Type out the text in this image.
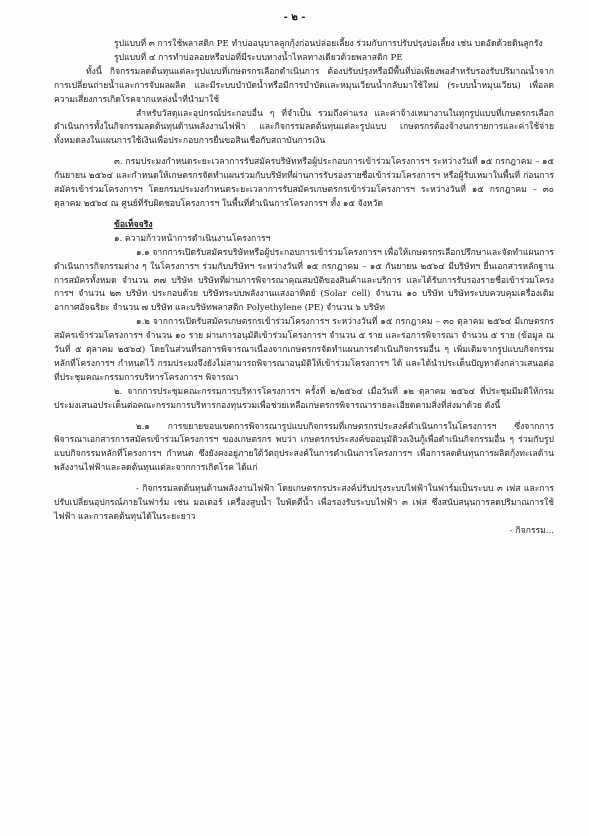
- ๒ -

รูปแบบที่ ๓ การใช้พลาสติก PE ทำบ่ออนุบาลลูกกุ้งก่อนปล่อยเลี้ยง ร่วมกับการปรับปรุงบ่อเลี้ยง เช่น บดอัดด้วยดินลูกรัง

รูปแบบที่ ๔ การทำบ่อลอยหรือบ่อที่มีระบบทางน้ำไหลทางเดียวด้วยพลาสติก PE

ทั้งนี้ กิจกรรมลดต้นทุนแต่ละรูปแบบที่เกษตรกรเลือกดำเนินการ ต้องปรับปรุงหรือมีพื้นที่บ่อเพียงพอสำหรับรองรับปริมาณน้ำจากการเปลี่ยนถ่ายน้ำและการจับผลผลิต และมีระบบบำบัดน้ำหรือมีการบำบัดและหมุนเวียนน้ำกลับมาใช้ใหม่ (ระบบน้ำหมุนเวียน) เพื่อลดความเสี่ยงการเกิดโรคจากแหล่งน้ำที่นำมาใช้

สำหรับวัสดุและอุปกรณ์ประกอบอื่น ๆ ที่จำเป็น รวมถึงค่าแรง และค่าจ้างเหมางานในทุกรูปแบบที่เกษตรกรเลือกดำเนินการทั้งในกิจกรรมลดต้นทุนด้านพลังงานไฟฟ้า และกิจกรรมลดต้นทุนแต่ละรูปแบบ เกษตรกรต้องจ้างนกรายการและค่าใช้จ่ายทั้งหมดลงในแผนการใช้เงินเพื่อประกอบการยื่นขอสินเชื่อกับสถาบันการเงิน

๓. กรมประมงกำหนดระยะเวลาการรับสมัครบริษัทหรือผู้ประกอบการเข้าร่วมโครงการฯ ระหว่างวันที่ ๑๕ กรกฎาคม – ๑๕ กันยายน ๒๕๖๔ และกำหนดให้เกษตรกรจัดทำแผนร่วมกับบริษัทที่ผ่านการรับรองรายชื่อเข้าร่วมโครงการฯ หรือผู้รับเหมาในพื้นที่ ก่อนการสมัครเข้าร่วมโครงการฯ โดยกรมประมงกำหนดระยะเวลาการรับสมัครเกษตรกรเข้าร่วมโครงการฯ ระหว่างวันที่ ๑๕ กรกฎาคม – ๓๐ ตุลาคม ๒๕๖๔ ณ ศูนย์ที่รับผิดชอบโครงการฯ ในพื้นที่ดำเนินการโครงการฯ ทั้ง ๑๕ จังหวัด

ข้อเท็จจริง

๑. ความก้าวหน้าการดำเนินงานโครงการฯ

๑.๑ จากการเปิดรับสมัครบริษัทหรือผู้ประกอบการเข้าร่วมโครงการฯ เพื่อให้เกษตรกรเลือกปรึกษาและจัดทำแผนการดำเนินการกิจกรรมต่าง ๆ ในโครงการฯ ร่วมกับบริษัทฯ ระหว่างวันที่ ๑๕ กรกฎาคม – ๑๕ กันยายน ๒๕๖๔ มีบริษัทฯ ยื่นเอกสารหลักฐานการสมัครทั้งหมด จำนวน ๓๗ บริษัท บริษัทที่ผ่านการพิจารณาคุณสมบัติของสินค้าและบริการ และได้รับการรับรองรายชื่อเข้าร่วมโครงการฯ จำนวน ๒๓ บริษัท ประกอบด้วย บริษัทระบบพลังงานแสงอาทิตย์ (Solar cell) จำนวน ๑๐ บริษัท บริษัทระบบควบคุมเครื่องเติมอากาศอัจฉริยะ จำนวน ๗ บริษัท และบริษัทพลาสติก Polyethylene (PE) จำนวน ๖ บริษัท

๑.๒ จากการเปิดรับสมัครเกษตรกรเข้าร่วมโครงการฯ ระหว่างวันที่ ๑๕ กรกฎาคม – ๓๐ ตุลาคม ๒๕๖๔ มีเกษตรกรสมัครเข้าร่วมโครงการฯ จำนวน ๑๐ ราย ผ่านการอนุมัติเข้าร่วมโครงการฯ จำนวน ๕ ราย และรอการพิจารณา จำนวน ๕ ราย (ข้อมูล ณ วันที่ ๕ ตุลาคม ๒๕๖๔) โดยในส่วนที่รอการพิจารณาเนื่องจากเกษตรกรจัดทำแผนการดำเนินกิจกรรมอื่น ๆ เพิ่มเติมจากรูปแบบกิจกรรมหลักที่โครงการฯ กำหนดไว้ กรมประมงจึงยังไม่สามารถพิจารณาอนุมัติให้เข้าร่วมโครงการฯ ได้ และได้นำประเด็นปัญหาดังกล่าวเสนอต่อที่ประชุมคณะกรรมการบริหารโครงการฯ พิจารณา

๒. จากการประชุมคณะกรรมการบริหารโครงการฯ ครั้งที่ ๒/๒๕๖๔ เมื่อวันที่ ๑๒ ตุลาคม ๒๕๖๔ ที่ประชุมมีมติให้กรมประมงเสนอประเด็นต่อคณะกรรมการบริหารกองทุนรวมเพื่อช่วยเหลือเกษตรกรพิจารณารายละเอียดตามสิ่งที่ส่งมาด้วย ดังนี้

๒.๑ การขยายขอบเขตการพิจารณารูปแบบกิจกรรมที่เกษตรกรประสงค์ดำเนินการในโครงการฯ ซึ่งจากการพิจารณาเอกสารการสมัครเข้าร่วมโครงการฯ ของเกษตรกร พบว่า เกษตรกรประสงค์ขออนุมัติวงเงินกู้เพื่อดำเนินกิจกรรมอื่น ๆ ร่วมกับรูปแบบกิจกรรมหลักที่โครงการฯ กำหนด ซึ่งยังคงอยู่ภายใต้วัตถุประสงค์ในการดำเนินการโครงการฯ เพื่อการลดต้นทุนการผลิตกุ้งทะเลด้านพลังงานไฟฟ้าและลดต้นทุนแต่ละจากการเกิดโรค ได้แก่

- กิจกรรมลดต้นทุนด้านพลังงานไฟฟ้า โดยเกษตรกรประสงค์ปรับปรุงระบบไฟฟ้าในฟาร์มเป็นระบบ ๓ เฟส และการปรับเปลี่ยนอุปกรณ์ภายในฟาร์ม เช่น มอเตอร์ เครื่องสูบน้ำ ใบพัดตีน้ำ เพื่อรองรับระบบไฟฟ้า ๓ เฟส ซึ่งสนับสนุนการลดปริมาณการใช้ไฟฟ้า และการลดต้นทุนได้ในระยะยาว

- กิจกรรม...
